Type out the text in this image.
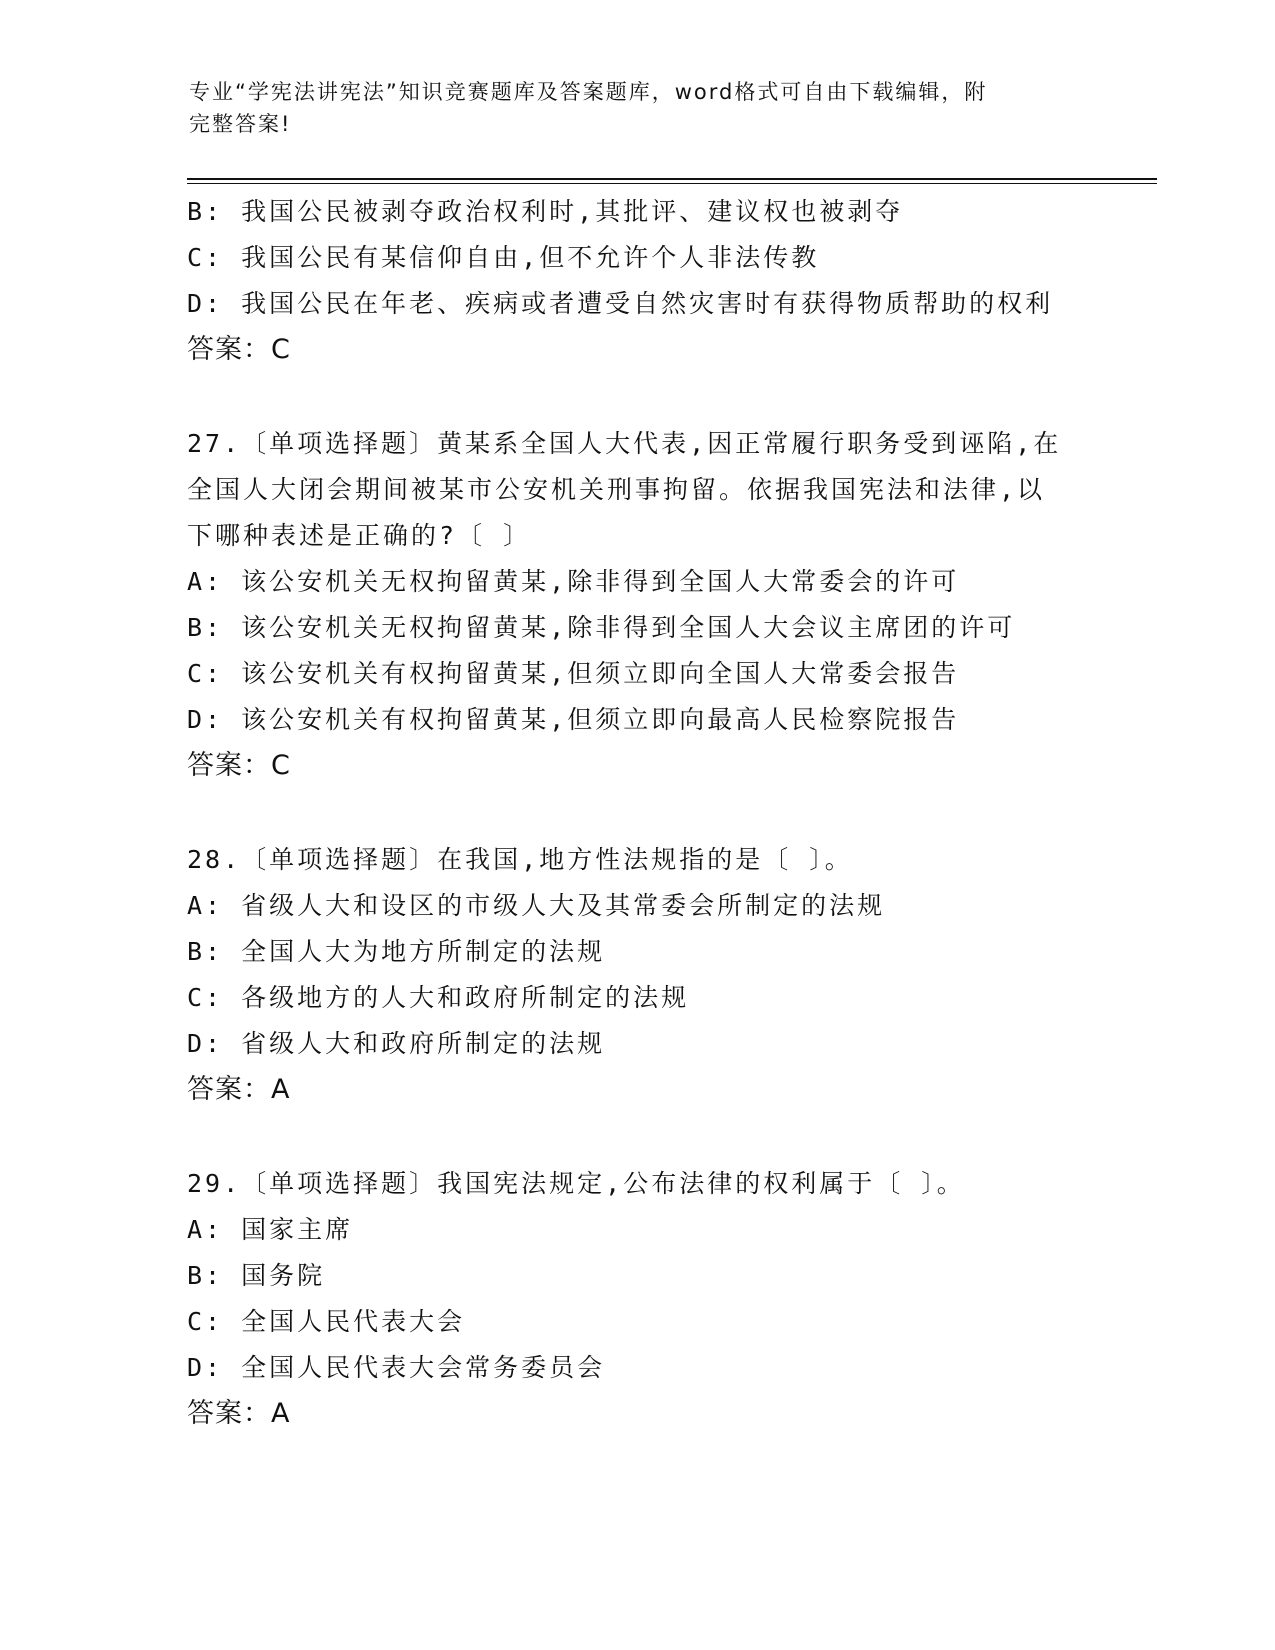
专业“学宪法讲宪法”知识竞赛题库及答案题库，word格式可自由下载编辑，附
完整答案!
B: 我国公民被剥夺政治权利时,其批评、建议权也被剥夺
C: 我国公民有某信仰自由,但不允许个人非法传教
D: 我国公民在年老、疾病或者遭受自然灾害时有获得物质帮助的权利
答案：C
27.〔单项选择题〕黄某系全国人大代表,因正常履行职务受到诬陷,在
全国人大闭会期间被某市公安机关刑事拘留。依据我国宪法和法律,以
下哪种表述是正确的?〔 〕
A: 该公安机关无权拘留黄某,除非得到全国人大常委会的许可
B: 该公安机关无权拘留黄某,除非得到全国人大会议主席团的许可
C: 该公安机关有权拘留黄某,但须立即向全国人大常委会报告
D: 该公安机关有权拘留黄某,但须立即向最高人民检察院报告
答案：C
28.〔单项选择题〕在我国,地方性法规指的是〔 〕。
A: 省级人大和设区的市级人大及其常委会所制定的法规
B: 全国人大为地方所制定的法规
C: 各级地方的人大和政府所制定的法规
D: 省级人大和政府所制定的法规
答案：A
29.〔单项选择题〕我国宪法规定,公布法律的权利属于〔 〕。
A: 国家主席
B: 国务院
C: 全国人民代表大会
D: 全国人民代表大会常务委员会
答案：A
